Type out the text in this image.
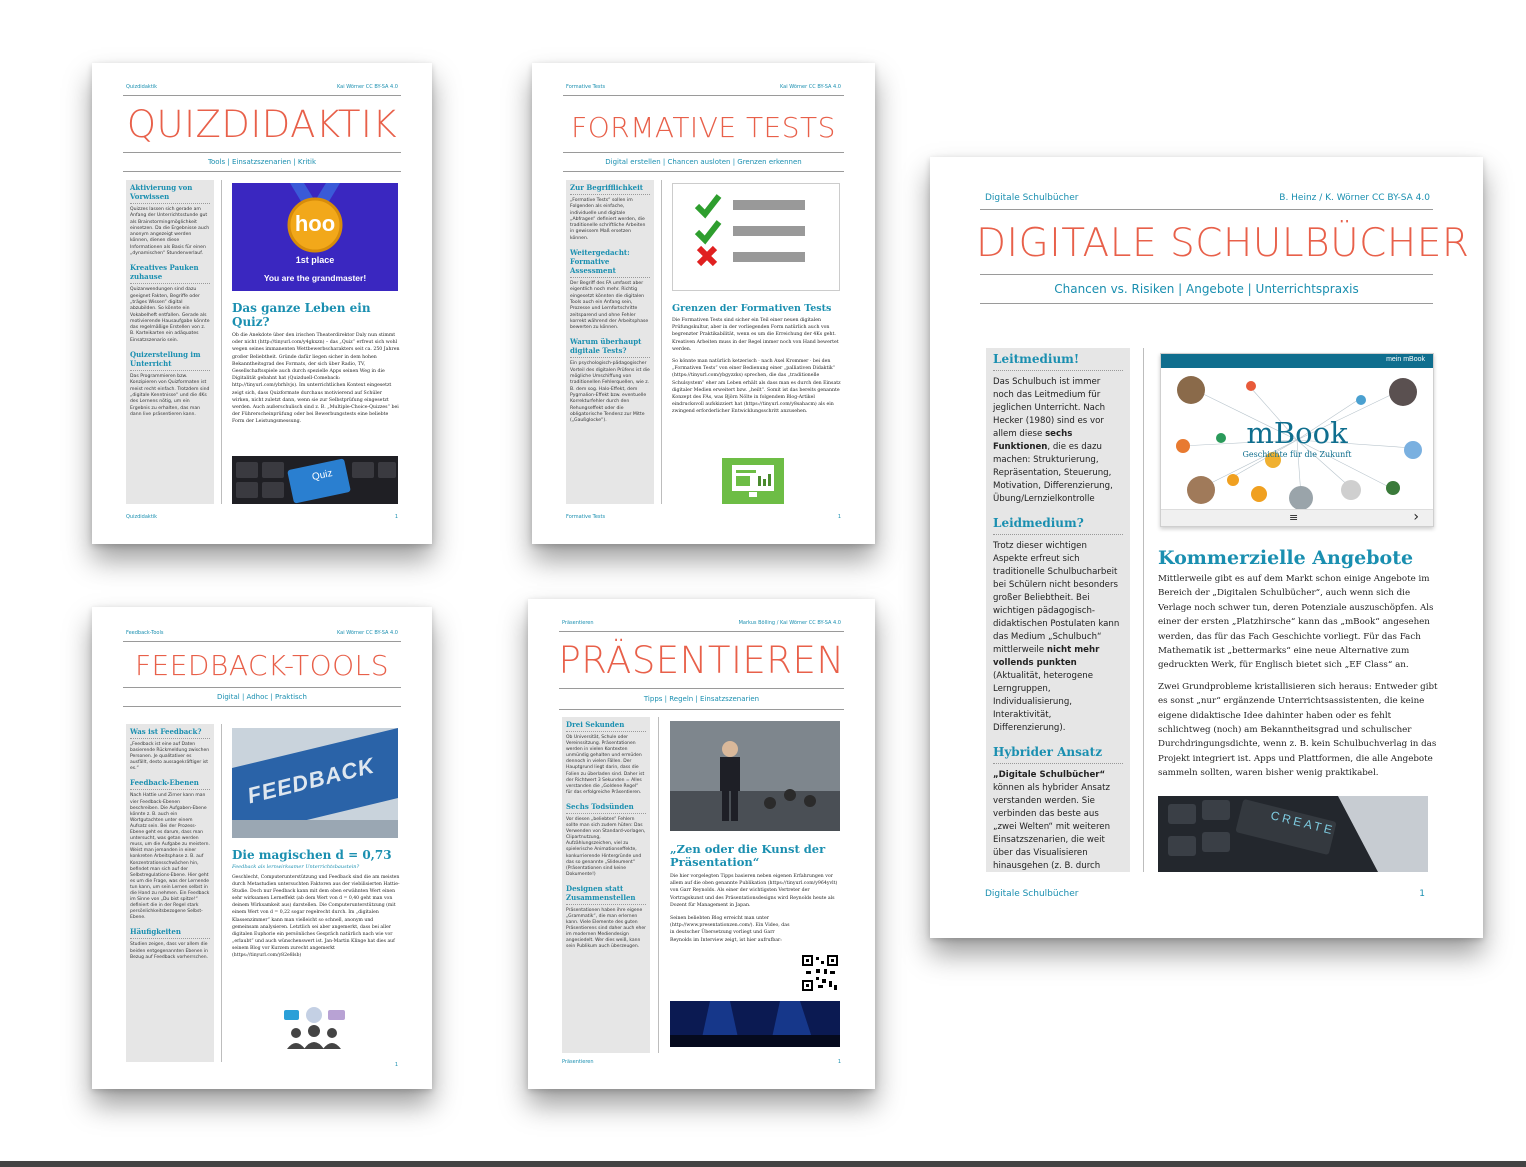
Quizdidaktik	Kai Wörner CC BY-SA 4.0
QUIZDIDAKTIK
Tools | Einsatzszenarien | Kritik
Aktivierung von Vorwissen

Quizzes lassen sich gerade am Anfang der Unterrichtsstunde gut als Brainstormingmöglichkeit einsetzen. Da die Ergebnisse auch anonym angezeigt werden können, dienen diese Informationen als Basis für einen „dynamischen“ Stundenverlauf.

Kreatives Pauken zuhause

Quizanwendungen sind dazu geeignet Fakten, Begriffe oder „träges Wissen“ digital abzubilden. So könnte ein Vokabelheft entfallen. Gerade als motivierende Hausaufgabe könnte das regelmäßige Erstellen von z. B. Karteikarten ein adäquates Einsatzszenario sein.

Quizerstellung im Unterricht

Das Programmieren bzw. Konzipieren von Quizformaten ist meist recht einfach. Trotzdem sind „digitale Kenntnisse“ und die 4Ks des Lernens nötig, um ein Ergebnis zu erhalten, das man dann live präsentieren kann.

hoo
1st place
You are the grandmaster!
Das ganze Leben ein Quiz?

Ob die Anekdote über den irischen Theaterdirektor Daly nun stimmt oder nicht (http://tinyurl.com/y4gkxzn) – das „Quiz“ erfreut sich wohl wegen seines immanenten Wettbewerbscharakters seit ca. 250 Jahren großer Beliebtheit. Gründe dafür liegen sicher in dem hohen Bekanntheitsgrad des Formats, der sich über Radio, TV, Gesellschaftsspiele auch durch spezielle Apps seinen Weg in die Digitalität gebahnt hat (Quizduell-Comeback: http://tinyurl.com/ybrhlvjs). Im unterrichtlichen Kontext eingesetzt zeigt sich, dass Quizformate durchaus motivierend auf Schüler wirken, nicht zuletzt dann, wenn sie zur Selbstprüfung eingesetzt werden. Auch außerschulisch sind z. B. „Multiple-Choice-Quizzes“ bei der Führerscheinprüfung oder bei Bewerbungstests eine beliebte Form der Leistungsmessung.

Quiz
Quizdidaktik	1
Formative Tests	Kai Wörner CC BY-SA 4.0
FORMATIVE TESTS
Digital erstellen | Chancen ausloten | Grenzen erkennen
Zur Begrifflichkeit

„Formative Tests“ sollen im Folgenden als einfache, individuelle und digitale „Abfragen“ definiert werden, die traditionelle schriftliche Arbeiten in gewissem Maß ersetzen können.

Weitergedacht: Formative Assessment

Der Begriff des FA umfasst aber eigentlich noch mehr. Richtig eingesetzt könnten die digitalen Tools auch ein Anfang sein, Prozesse und Lernfortschritte zeitsparend und ohne Fehler korrekt während der Arbeitsphase bewerten zu können.

Warum überhaupt digitale Tests?

Ein psychologisch-pädagogischer Vorteil des digitalen Prüfens ist die mögliche Umschiffung von traditionellen Fehlerquellen, wie z. B. dem sog. Halo-Effekt, dem Pygmalion-Effekt bzw. eventuelle Korrekturfehler durch den Rehungseffekt oder die obligatorische Tendenz zur Mitte („Gaußglocke“).

Grenzen der Formativen Tests

Die Formativen Tests sind sicher ein Teil einer neuen digitalen Prüfungskultur, aber in der vorliegenden Form natürlich auch von begrenzter Praktikabilität, wenn es um die Erreichung der 4Ks geht. Kreativen Arbeiten muss in der Regel immer noch von Hand bewertet werden.

So könnte man natürlich ketzerisch · nach Axel Krommer · bei den „Formativen Tests“ von einer Bedienung einer „palliativen Didaktik“ (https://tinyurl.com/ybgyzzks) sprechen, die das „traditionelle Schulsystem“ eher am Leben erhält als dass man es durch den Einsatz digitaler Medien erweitert bzw. „heilt“. Somit ist das bereits genannte Konzept des FAs, was Björn Nölte in folgendem Blog-Artikel eindrucksvoll aufskizziert hat (https://tinyurl.com/y8sahacm) als ein zwingend erforderlicher Entwicklungsschritt anzusehen.

Formative Tests	1
Feedback-Tools	Kai Wörner CC BY-SA 4.0
FEEDBACK-TOOLS
Digital | Adhoc | Praktisch
Was ist Feedback?

„Feedback ist eine auf Daten basierende Rückmeldung zwischen Personen. Je qualitativer es ausfällt, desto aussagekräftiger ist es.“

Feedback-Ebenen

Nach Hattie und Zirner kann man vier Feedback-Ebenen beschreiben. Die Aufgaben-Ebene könnte z. B. auch ein Wortgutachten unter einem Aufsatz sein. Bei der Prozess-Ebene geht es darum, dass man untersucht, was getan werden muss, um die Aufgabe zu meistern. Weist man jemanden in einer konkreten Arbeitsphase z. B. auf Konzentrationsschwächen hin, befindet man sich auf der Selbstregulations-Ebene. Hier geht es um die Frage, was der Lernende tun kann, um sein Lernen selbst in die Hand zu nehmen. Ein Feedback im Sinne von „Du bist spitze!“ definiert die in der Regel stark persönlichkeitsbezogene Selbst-Ebene.

Häufigkeiten

Studien zeigen, dass vor allem die beiden entgegenannten Ebenen in Bezug auf Feedback vorherrschen.

FEEDBACK
Die magischen d = 0,73

Feedback als lernwirksamer Unterrichtsbaustein?

Geschlecht, Computerunterstützung und Feedback sind die am meisten durch Metastudien untersuchten Faktoren aus der viebilisierten Hattie-Studie. Doch nur Feedback kann mit dem oben erwähnten Wert einen sehr wirksamen Lerneffekt (ab dem Wert von d = 0,40 geht man von deinem Wirksamkeit aus) darstellen. Die Computerunterstützung (mit einem Wert von d = 0,22 sogar regelrecht durch. Im „digitalen Klassenzimmer“ kann man vielleicht so schnell, anonym und gemeinsam analysieren. Letztlich sei aber angemerkt, dass bei aller digitalen Euphorie ein persönliches Gespräch natürlich nach wie vor „erlaubt“ und auch wünschenswert ist. Jan-Martin Klinge hat dies auf seinem Blog vor Kurzem zurecht angemerkt (https://tinyurl.com/y82e8lsb)

1
Präsentieren	Markus Bölling / Kai Wörner CC BY-SA 4.0
PRÄSENTIEREN
Tipps | Regeln | Einsatzszenarien
Drei Sekunden

Ob Universität, Schule oder Vereinssitzung. Präsentationen werden in vielen Kontexten unmündig gehalten und ermüden dennoch in vielen Fällen. Der Hauptgrund liegt darin, dass die Folien zu überladen sind. Daher ist der Richtwert 3 Sekunden = Alles verstanden die „Goldene Regel“ für das erfolgreiche Präsentieren.

Sechs Todsünden

Vor diesen „beliebten“ Fehlern sollte man sich zudem hüten: Das Verwenden von Standard-vorlagen, Clipartnutzung, Aufzählungszeichen, viel zu spielerische Animationseffekte, konkurrierende Hintergründe und das so genannte „Slideument“ (Präsentationen sind keine Dokumente!)

Designen statt Zusammenstellen

Präsentationen haben ihre eigene „Grammatik“, die man erlernen kann. Viele Elemente des guten Präsentierens sind daher auch eher im modernen Mediendesign angesiedelt. Wer dies weiß, kann sein Publikum auch überzeugen.

„Zen oder die Kunst der Präsentation“

Die hier vorgelegten Tipps basieren neben eigenen Erfahrungen vor allem auf die oben genannte Publikation (https://tinyurl.com/y964yvlt) von Garr Reynolds. Als einer der wichtigsten Vertreter der Vortragskunst und des Präsentationsdesigns wird Reynolds heute als Dozent für Management in Japan.

Seinen beliebten Blog erreicht man unter (http://www.presentationzen.com/). Ein Video, das in deutscher Übersetzung vorliegt und Garr Reynolds im Interview zeigt, ist hier aufrufbar:

Präsentieren	1
Digitale Schulbücher	B. Heinz / K. Wörner CC BY-SA 4.0
DIGITALE SCHULBÜCHER
Chancen vs. Risiken | Angebote | Unterrichtspraxis
Leitmedium!

Das Schulbuch ist immer noch das Leitmedium für jeglichen Unterricht. Nach Hecker (1980) sind es vor allem diese sechs Funktionen, die es dazu machen: Strukturierung, Repräsentation, Steuerung, Motivation, Differenzierung, Übung/Lernzielkontrolle

Leidmedium?

Trotz dieser wichtigen Aspekte erfreut sich traditionelle Schulbucharbeit bei Schülern nicht besonders großer Beliebtheit. Bei wichtigen pädagogisch-didaktischen Postulaten kann das Medium „Schulbuch“ mittlerweile nicht mehr vollends punkten (Aktualität, heterogene Lerngruppen, Individualisierung, Interaktivität, Differenzierung).

Hybrider Ansatz

„Digitale Schulbücher“ können als hybrider Ansatz verstanden werden. Sie verbinden das beste aus „zwei Welten“ mit weiteren Einsatzszenarien, die weit über das Visualisieren hinausgehen (z. B. durch

mein mBook
mBook
Geschichte für die Zukunft
≡	›
Kommerzielle Angebote

Mittlerweile gibt es auf dem Markt schon einige Angebote im Bereich der „Digitalen Schulbücher“, auch wenn sich die Verlage noch schwer tun, deren Potenziale auszuschöpfen. Als einer der ersten „Platzhirsche“ kann das „mBook“ angesehen werden, das für das Fach Geschichte vorliegt. Für das Fach Mathematik ist „bettermarks“ eine neue Alternative zum gedruckten Werk, für Englisch bietet sich „EF Class“ an.

Zwei Grundprobleme kristallisieren sich heraus: Entweder gibt es sonst „nur“ ergänzende Unterrichtsassistenten, die keine eigene didaktische Idee dahinter haben oder es fehlt schlichtweg (noch) am Bekanntheitsgrad und schulischer Durchdringungsdichte, wenn z. B. kein Schulbuchverlag in das Projekt integriert ist. Apps und Plattformen, die alle Angebote sammeln sollten, waren bisher wenig praktikabel.

CREATE
Digitale Schulbücher	1
